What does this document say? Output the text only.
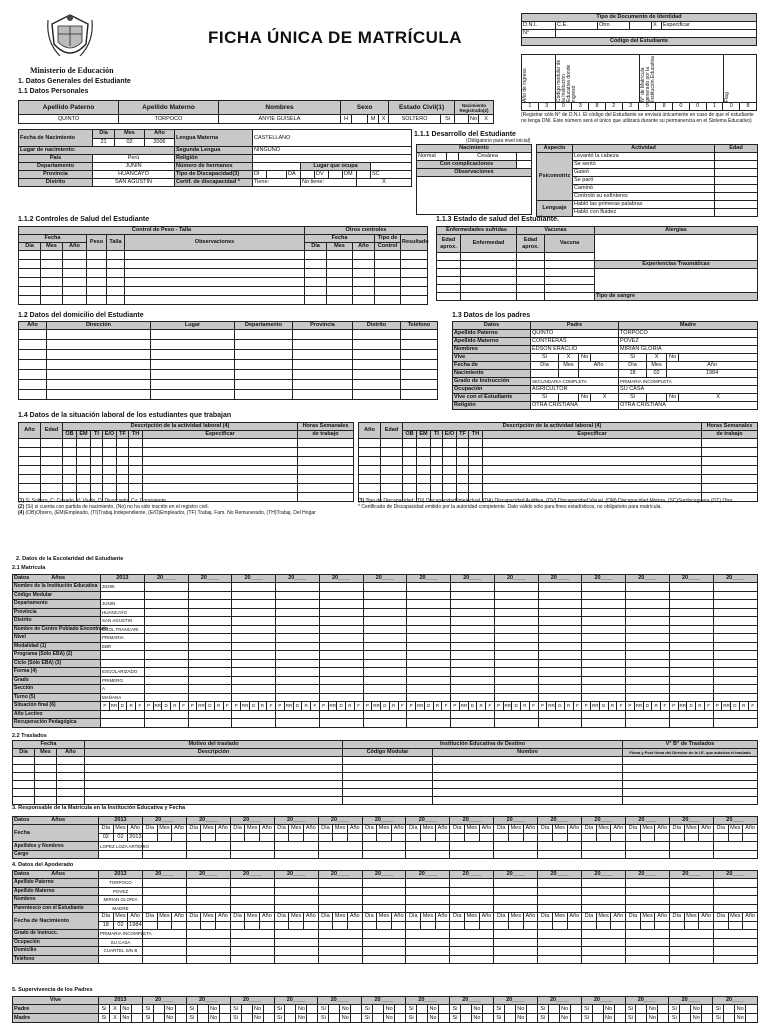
Ministerio de Educación
FICHA ÚNICA DE MATRÍCULA
Tipo de Documento de Identidad					
D.N.I.	C.E.	Otro		X	Especificar
N°					
Código del Estudiante					
Año de ingreso	Código modular de la Institución Educativa donde ingresó	N° de Matrícula generado por la Institución Educativa	Flag
1	3	0	3	8	2	3	5	8	0	0	1	0	8
(Registrar sólo N° de D.N.I. El código del Estudiante se enviará únicamente en caso de que el estudiante no tenga DNI. Este número será el único que utilizará durante su permanencia en el Sistema Educativo)
1. Datos Generales del Estudiante
1.1 Datos Personales
Apellido Paterno	Apellido Materno	Nombres	Sexo				Estado Civil(1)		Nacimiento Registrado(2)		
QUINTO	TORPOCO	ANYIE GUISELA	H		M	X	SOLTERO	Si		No	X
Fecha de Nacimiento	Día	Mes	Año	Lengua Materna	CASTELLANO								
	21	02	2006										
Lugar de nacimiento:				Segunda Lengua	NINGUNO								
País	Perú			Religión									
Departamento	JUNIN			Número de hermanos				Lugar que ocupa					
Provincia	HUANCAYO			Tipo de Discapacidad(3)	DI		DA		DV		DM		SC
Distrito	SAN AGUSTIN			Certif. de discapacidad *	Tiene:			No tiene:				X	
1.1.1 Desarrollo del Estudiante
(Obligatorio para nivel inicial)
Nacimiento			
Normal		Cesárea	
Con complicaciones			
Observaciones			

Aspecto	Actividad	Edad
Psicomotriz	Levantó la cabeza	
	Se sentó	
	Gateó	
	Se paró	
	Caminó	
	Controló su esfínteres	
Lenguaje	Habló las primeras palabras	
	Habló con fluidez	
1.1.2 Controles de Salud del Estudiante
Control de Peso - Talla						Otros controles				
Fecha			Peso	Talla	Observaciones	Fecha			Tipo de	Resultado
Día	Mes	Año				Día	Mes	Año	Control	

1.1.3 Estado de salud del Estudiante.
Enfermedades sufridas		Vacunas		Alergias
Edad aprox.	Enfermedad	Edad aprox.	Vacuna	

				Experiencias Traumáticas

				Tipo de sangre
1.2 Datos del domicilio del Estudiante
Año	Dirección	Lugar	Departamento	Provincia	Distrito	Teléfono

1.3 Datos de los padres
Datos	Padre				Madre			
Apellido Paterno	QUINTO				TORPOCO			
Apellido Materno	CONTRERAS				POVEZ			
Nombres	EDSON ERACLIO				MIRIAN GLORIA			
Vive	Si	X	No		Si	X	No	
Fecha de	Día	Mes	Año		Día	Mes	Año	
Nacimiento					18	02	1984	
Grado de Instrucción	SECUNDARIA COMPLETA				PRIMARIA INCOMPLETA			
Ocupación	AGRICULTOR				SU CASA			
Vive con el Estudiante	Si		No	X	Si		No	X
Religión	OTRA CRISTIANA				OTRA CRISTIANA			
1.4 Datos de la situación laboral de los estudiantes que trabajan
Año	Edad	Descripción de la actividad laboral (4)							Horas Semanales
		OB	EM	TI	E/O	TF	TH	Especificar	de trabajo

Año	Edad	Descripción de la actividad laboral (4)							Horas Semanales
		OB	EM	TI	E/O	TF	TH	Especificar	de trabajo

(1) S: Soltero, C: Casado, V: Viudo, D: Divorciado, Cv: Conviviente
(2) (Si) si cuenta con partida de nacimiento, (No) no ha sido inscrito en el registro civil.
(4) (OB)Obrero, (EM)Empleado, (TI)Trabaj.Independiente, (E/O)Empleador, (TF) Trabaj. Fam. No Remunerado, (TH)Trabaj. Del Hogar
(3) Tipo de Discapacidad: (DI) Discapacidad Intelectual, (DA) Discapacidad Auditiva, (DV) Discapacidad Visual, (DM) Discapacidad Motora, (SC)Sordoceguera (OT) Otra.
* Certificado de Discapacidad emitido por la autoridad competente. Dato válido sólo para fines estadísticos, no obligatorio para matrícula.
2. Datos de la Escolaridad del Estudiante
2.1 Matrícula
Datos	Años	2013	20____	20____	20____	20____	20____	20____	20____	20____	20____	20____	20____	20____	20____	20____
Nombre de la Institución Educativa	30295														
Código Modular															
Departamento	JUNIN														
Provincia	HUANCAYO														
Distrito	SAN AGUSTIN														
Nombre de Centro Poblado Encontrado	CCOL TRANCARI														
Nivel	PRIMARIA														
Modalidad (1)	EBR														
Programa (Sólo EBA) (2)															
Ciclo (Sólo EBA) (3)															
Forma (4)	ESCOLARIZADO														
Grado	PRIMERO														
Sección	A														
Turno (5)	MAÑANA														
Situación final (6)	P	RR	D	R	F	P	RR	D	R	F	P	RR	D	R	F	P	RR	D	R	F	P	RR	D	R	F	P	RR	D	R	F	P	RR	D	R	F	P	RR	D	R	F	P	RR	D	R	F	P	RR	D	R	F	P	RR	D	R	F	P	RR	D	R	F	P	RR	D	R	F	P	RR	D	R	F	P	RR	D	R	F
Año Lectivo															
Recuperación Pedagógica															
2.2 Traslados
Fecha			Motivo del traslado	Institución Educativa de Destino		V° B° de Traslados
Día	Mes	Año	Descripción	Código Modular	Nombre	Firma y Post firma del Director de la I.E. que autoriza el traslado

3. Responsable de la Matrícula en la Institución Educativa y Fecha
Datos Años	2013			20____			20____			20____			20____			20____			20____			20____			20____			20____			20____			20____			20____			20____			20____		
Fecha	Día	Mes	Año	Día	Mes	Año	Día	Mes	Año	Día	Mes	Año	Día	Mes	Año	Día	Mes	Año	Día	Mes	Año	Día	Mes	Año	Día	Mes	Año	Día	Mes	Año	Día	Mes	Año	Día	Mes	Año	Día	Mes	Año	Día	Mes	Año	Día	Mes	Año
	02	02	2013																																										
Apellidos y Nombres	LOPEZ LOZA ARTEMIO																																												
Cargo																																													
4. Datos del Apoderado
Datos Años	2013			20____			20____			20____			20____			20____			20____			20____			20____			20____			20____			20____			20____			20____			20____		
Apellido Paterno	TORPOCO																																												
Apellido Materno	POVEZ																																												
Nombres	MIRIAN GLORIA																																												
Parentesco con el Estudiante	MADRE																																												
Fecha de Nacimiento	Día	Mes	Año	Día	Mes	Año	Día	Mes	Año	Día	Mes	Año	Día	Mes	Año	Día	Mes	Año	Día	Mes	Año	Día	Mes	Año	Día	Mes	Año	Día	Mes	Año	Día	Mes	Año	Día	Mes	Año	Día	Mes	Año	Día	Mes	Año	Día	Mes	Año
	18	02	1984																																										
Grado de Instrucc.	PRIMARIA INCOMPLETA																																												
Ocupación	SU CASA																																												
Domicilio	CUARTEL S/N B																																												
Teléfono																																													
5. Supervivencia de los Padres
Vive	2013				20____				20____				20____				20____				20____				20____				20____				20____				20____				20____				20____				20____				20____				20____			
Padre	Si	X	No		Si		No		Si		No		Si		No		Si		No		Si		No		Si		No		Si		No		Si		No		Si		No		Si		No		Si		No		Si		No		Si		No		Si		No	
Madre	Si	X	No		Si		No		Si		No		Si		No		Si		No		Si		No		Si		No		Si		No		Si		No		Si		No		Si		No		Si		No		Si		No		Si		No		Si		No	
